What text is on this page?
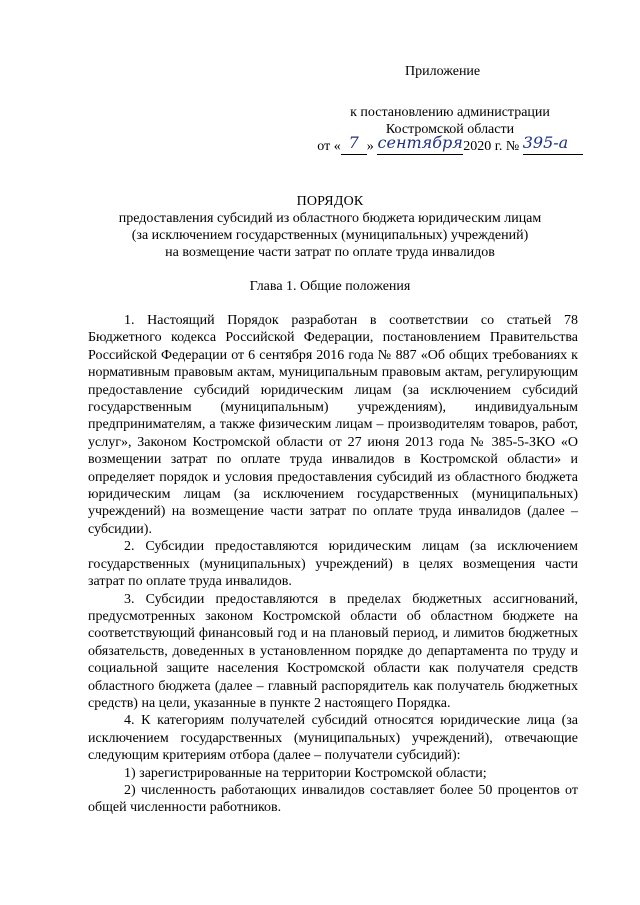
Приложение
к постановлению администрации
Костромской области
от « 7 » сентября2020 г. № 395-а
ПОРЯДОК
предоставления субсидий из областного бюджета юридическим лицам
(за исключением государственных (муниципальных) учреждений)
на возмещение части затрат по оплате труда инвалидов
Глава 1. Общие положения

1. Настоящий Порядок разработан в соответствии со статьей 78 Бюджетного кодекса Российской Федерации, постановлением Правительства Российской Федерации от 6 сентября 2016 года № 887 «Об общих требованиях к нормативным правовым актам, муниципальным правовым актам, регулирующим предоставление субсидий юридическим лицам (за исключением субсидий государственным (муниципальным) учреждениям), индивидуальным предпринимателям, а также физическим лицам – производителям товаров, работ, услуг», Законом Костромской области от 27 июня 2013 года № 385-5-ЗКО «О возмещении затрат по оплате труда инвалидов в Костромской области» и определяет порядок и условия предоставления субсидий из областного бюджета юридическим лицам (за исключением государственных (муниципальных) учреждений) на возмещение части затрат по оплате труда инвалидов (далее – субсидии).

2. Субсидии предоставляются юридическим лицам (за исключением государственных (муниципальных) учреждений) в целях возмещения части затрат по оплате труда инвалидов.

3. Субсидии предоставляются в пределах бюджетных ассигнований, предусмотренных законом Костромской области об областном бюджете на соответствующий финансовый год и на плановый период, и лимитов бюджетных обязательств, доведенных в установленном порядке до департамента по труду и социальной защите населения Костромской области как получателя средств областного бюджета (далее – главный распорядитель как получатель бюджетных средств) на цели, указанные в пункте 2 настоящего Порядка.

4. К категориям получателей субсидий относятся юридические лица (за исключением государственных (муниципальных) учреждений), отвечающие следующим критериям отбора (далее – получатели субсидий):

1) зарегистрированные на территории Костромской области;

2) численность работающих инвалидов составляет более 50 процентов от общей численности работников.
